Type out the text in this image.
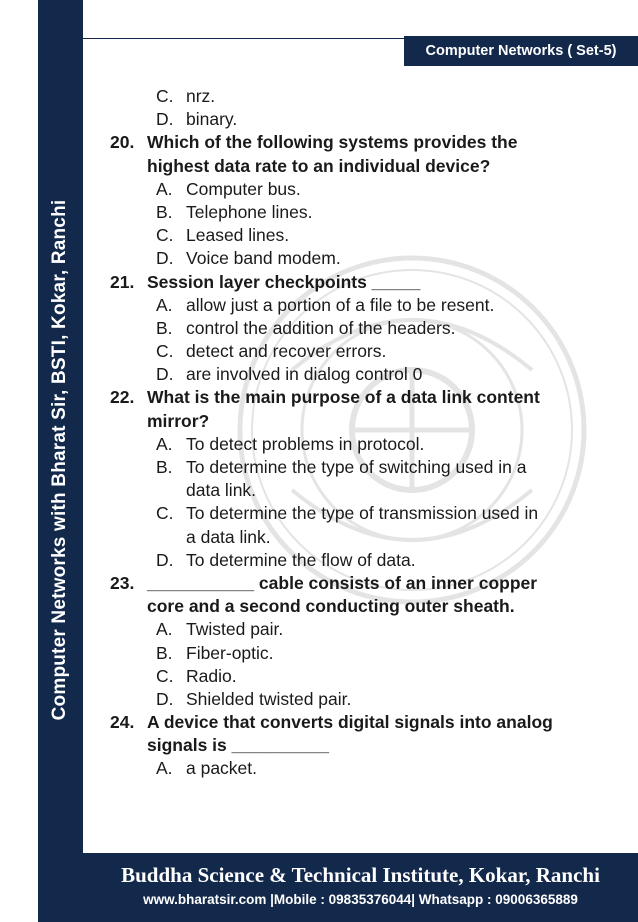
Computer Networks with Bharat Sir, BSTI, Kokar, Ranchi
Computer Networks ( Set-5)
C. nrz.
D. binary.
20. Which of the following systems provides the
highest data rate to an individual device?
A. Computer bus.
B. Telephone lines.
C. Leased lines.
D. Voice band modem.
21. Session layer checkpoints _____
A. allow just a portion of a file to be resent.
B. control the addition of the headers.
C. detect and recover errors.
D. are involved in dialog control 0
22. What is the main purpose of a data link content
mirror?
A. To detect problems in protocol.
B. To determine the type of switching used in a
data link.
C. To determine the type of transmission used in
a data link.
D. To determine the flow of data.
23. ___________ cable consists of an inner copper
core and a second conducting outer sheath.
A. Twisted pair.
B. Fiber-optic.
C. Radio.
D. Shielded twisted pair.
24. A device that converts digital signals into analog
signals is __________
A. a packet.
Buddha Science & Technical Institute, Kokar, Ranchi
www.bharatsir.com |Mobile : 09835376044| Whatsapp : 09006365889
